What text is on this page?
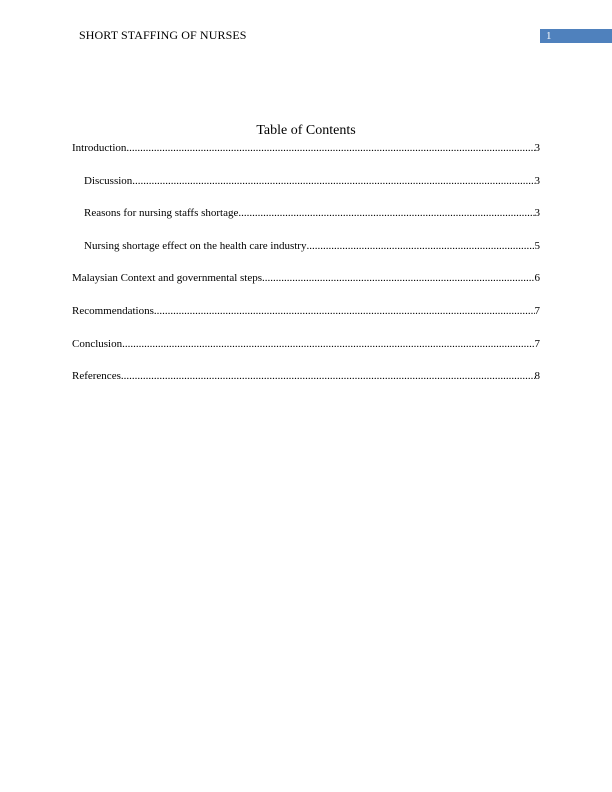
SHORT STAFFING OF NURSES	1
Table of Contents
Introduction .....	3
Discussion .....	3
Reasons for nursing staffs shortage .....	3
Nursing shortage effect on the health care industry .....	5
Malaysian Context and governmental steps .....	6
Recommendations .....	7
Conclusion .....	7
References .....	8
